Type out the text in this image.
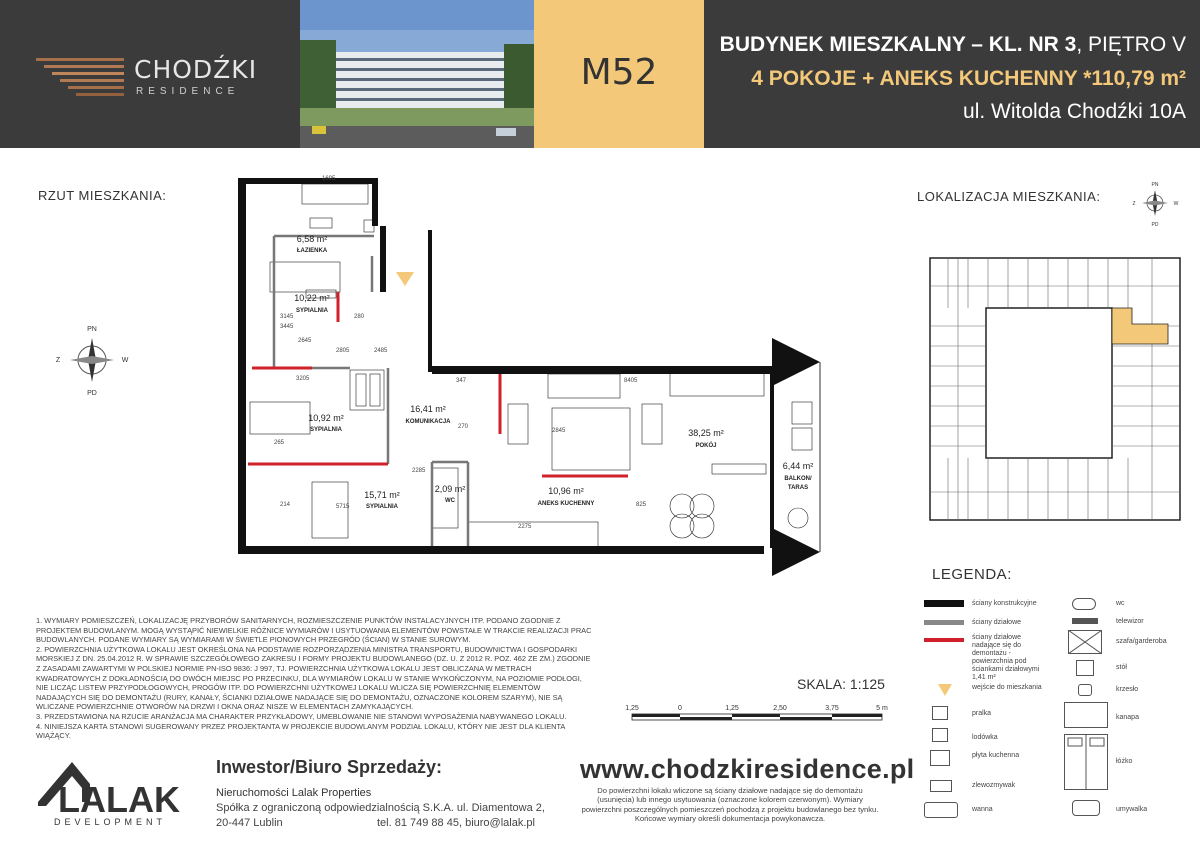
CHODŹKI
RESIDENCE	M52
BUDYNEK MIESZKALNY – KL. NR 3, PIĘTRO V
4 POKOJE + ANEKS KUCHENNY *110,79 m²
ul. Witolda Chodźki 10A
RZUT MIESZKANIA:	LOKALIZACJA MIESZKANIA:
PN
PD
Z	W
PN
PD
Z	W
6,58 m²
ŁAZIENKA
10,22 m²
SYPIALNIA
10,92 m²
SYPIALNIA
16,41 m²
KOMUNIKACJA
15,71 m²
SYPIALNIA
2,09 m²
WC
10,96 m²
ANEKS KUCHENNY
38,25 m²
POKÓJ
6,44 m²
BALKON/
TARAS
3445
3205
2485
2645
2805
347	8405
270
265
2845
2275
825
5715
214
3145
1695
280
2285

1. WYMIARY POMIESZCZEŃ, LOKALIZACJĘ PRZYBORÓW SANITARNYCH, ROZMIESZCZENIE PUNKTÓW INSTALACYJNYCH ITP. PODANO ZGODNIE Z PROJEKTEM BUDOWLANYM. MOGĄ WYSTĄPIĆ NIEWIELKIE RÓŻNICE WYMIARÓW I USYTUOWANIA ELEMENTÓW POWSTAŁE W TRAKCIE REALIZACJI PRAC BUDOWLANYCH. PODANE WYMIARY SĄ WYMIARAMI W ŚWIETLE PIONOWYCH PRZEGRÓD (ŚCIAN) W STANIE SUROWYM.

2. POWIERZCHNIA UŻYTKOWA LOKALU JEST OKREŚLONA NA PODSTAWIE ROZPORZĄDZENIA MINISTRA TRANSPORTU, BUDOWNICTWA I GOSPODARKI MORSKIEJ Z DN. 25.04.2012 R. W SPRAWIE SZCZEGÓŁOWEGO ZAKRESU I FORMY PROJEKTU BUDOWLANEGO (DZ. U. Z 2012 R. POZ. 462 ZE ZM.) ZGODNIE Z ZASADAMI ZAWARTYMI W POLSKIEJ NORMIE PN-ISO 9836: J 997, TJ. POWIERZCHNIA UŻYTKOWA LOKALU JEST OBLICZANA W METRACH KWADRATOWYCH Z DOKŁADNOŚCIĄ DO DWÓCH MIEJSC PO PRZECINKU, DLA WYMIARÓW LOKALU W STANIE WYKOŃCZONYM, NA POZIOMIE PODŁOGI, NIE LICZĄC LISTEW PRZYPODŁOGOWYCH, PROGÓW ITP. DO POWIERZCHNI UŻYTKOWEJ LOKALU WLICZA SIĘ POWIERZCHNIĘ ELEMENTÓW NADAJĄCYCH SIĘ DO DEMONTAŻU (RURY, KANAŁY, ŚCIANKI DZIAŁOWE NADAJĄCE SIĘ DO DEMONTAŻU, OZNACZONE KOLOREM SZARYM), NIE SĄ WLICZANE POWIERZCHNIE OTWORÓW NA DRZWI I OKNA ORAZ NISZE W ELEMENTACH ZAMYKAJĄCYCH.

3. PRZEDSTAWIONA NA RZUCIE ARANŻACJA MA CHARAKTER PRZYKŁADOWY, UMEBLOWANIE NIE STANOWI WYPOSAŻENIA NABYWANEGO LOKALU.

4. NINIEJSZA KARTA STANOWI SUGEROWANY PRZEZ PROJEKTANTA W PROJEKCIE BUDOWLANYM PODZIAŁ LOKALU, KTÓRY NIE JEST DLA KLIENTA WIĄŻĄCY.

SKALA: 1:125
1,25	0	1,25	2,50	3,75	5 m
LEGENDA:
ściany konstrukcyjne
ściany działowe
ściany działowe nadające się do demontażu - powierzchnia pod ściankami działowymi 1,41 m²
wejście do mieszkania
pralka
lodówka
płyta kuchenna
zlewozmywak
wanna
wc
telewizor
szafa/garderoba
stół
krzesło
kanapa
łóżko
umywalka
LALAK
DEVELOPMENT
Inwestor/Biuro Sprzedaży:
Nieruchomości Lalak Properties
Spółka z ograniczoną odpowiedzialnością S.K.A. ul. Diamentowa 2,
20-447 Lublin	tel. 81 749 88 45, biuro@lalak.pl
www.chodzkiresidence.pl
Do powierzchni lokalu wliczone są ściany działowe nadające się do demontażu (usunięcia) lub innego usytuowania (oznaczone kolorem czerwonym). Wymiary powierzchni poszczególnych pomieszczeń pochodzą z projektu budowlanego bez tynku. Końcowe wymiary określi dokumentacja powykonawcza.
